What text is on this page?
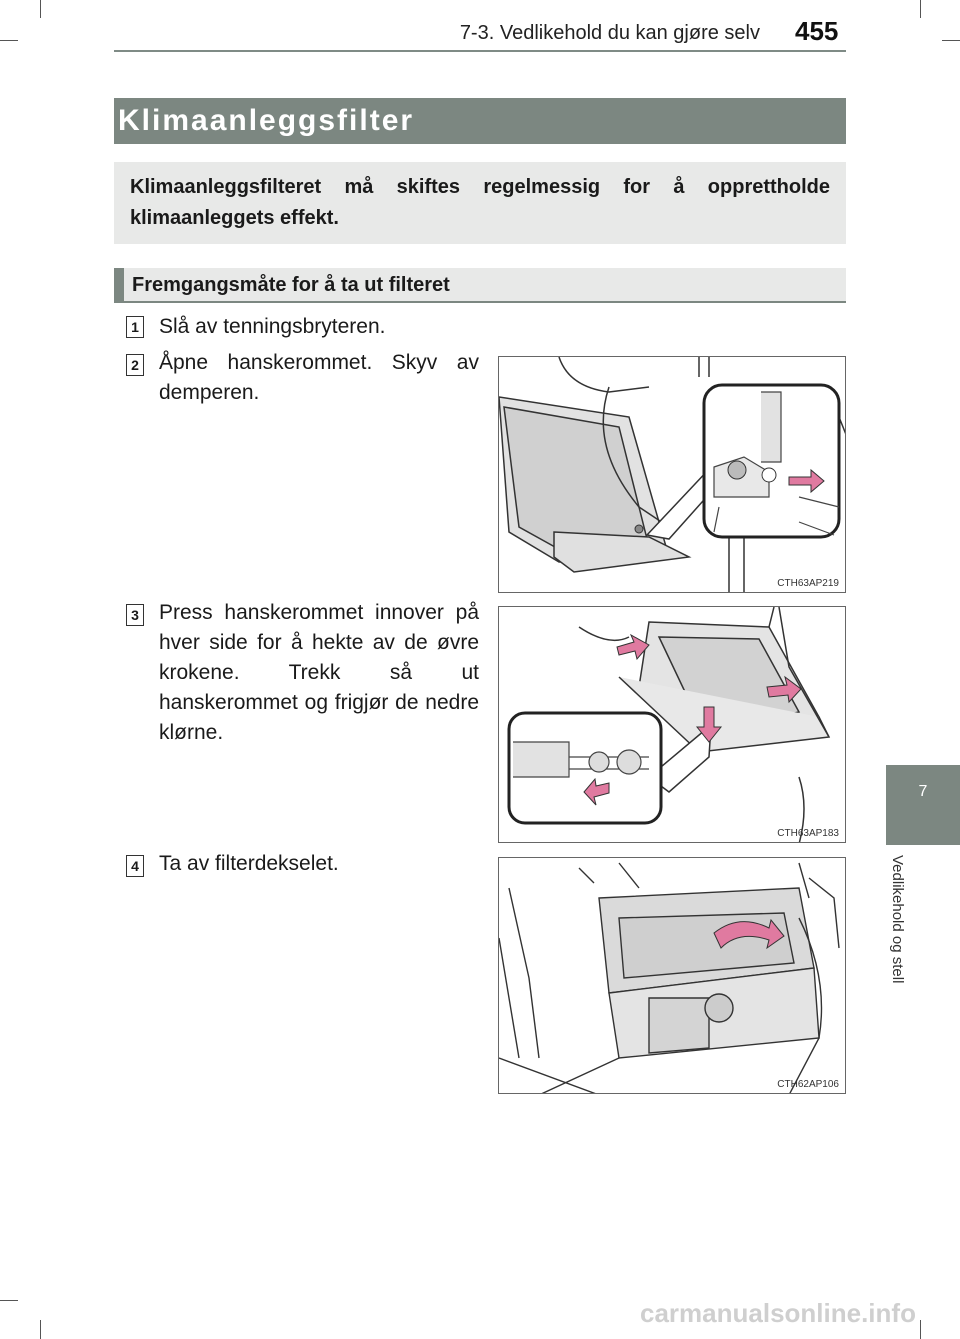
7-3. Vedlikehold du kan gjøre selv 455
Klimaanleggsfilter
Klimaanleggsfilteret må skiftes regelmessig for å opprettholde klimaanleggets effekt.
Fremgangsmåte for å ta ut filteret
1 Slå av tenningsbryteren.
2 Åpne hanskerommet. Skyv av demperen.
3 Press hanskerommet innover på hver side for å hekte av de øvre krokene. Trekk så ut hanskerommet og frigjør de nedre klørne.
4 Ta av filterdekselet.
CTH63AP219
CTH63AP183
CTH62AP106
7
Vedlikehold og stell
carmanualsonline.info
